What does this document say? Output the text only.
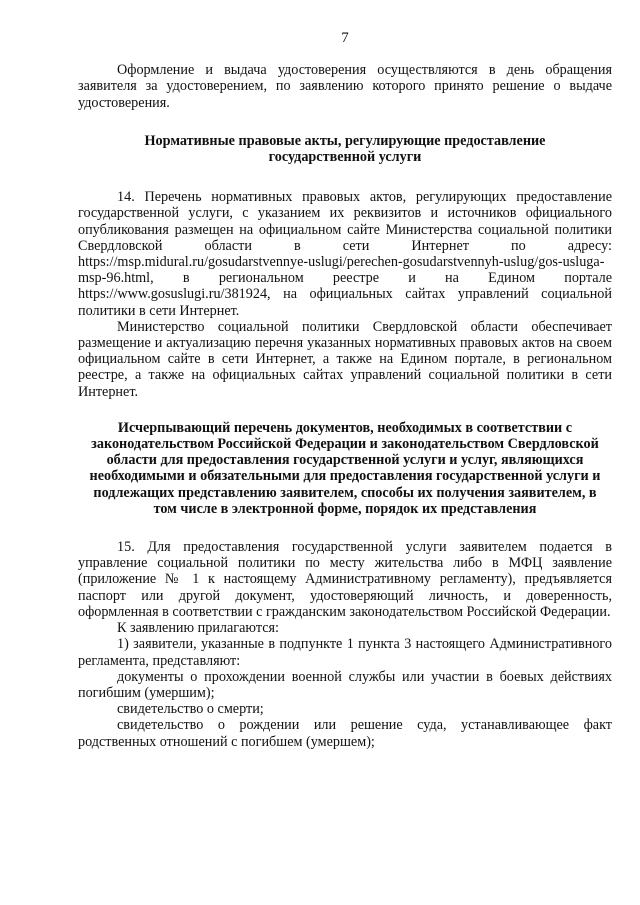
7

Оформление и выдача удостоверения осуществляются в день обращения заявителя за удостоверением, по заявлению которого принято решение о выдаче удостоверения.

Нормативные правовые акты, регулирующие предоставление государственной услуги

14. Перечень нормативных правовых актов, регулирующих предоставление государственной услуги, с указанием их реквизитов и источников официального опубликования размещен на официальном сайте Министерства социальной политики Свердловской области в сети Интернет по адресу: https://msp.midural.ru/gosudarstvennye-uslugi/perechen-gosudarstvennyh-uslug/gos-usluga-msp-96.html, в региональном реестре и на Едином портале https://www.gosuslugi.ru/381924, на официальных сайтах управлений социальной политики в сети Интернет.

Министерство социальной политики Свердловской области обеспечивает размещение и актуализацию перечня указанных нормативных правовых актов на своем официальном сайте в сети Интернет, а также на Едином портале, в региональном реестре, а также на официальных сайтах управлений социальной политики в сети Интернет.

Исчерпывающий перечень документов, необходимых в соответствии с законодательством Российской Федерации и законодательством Свердловской области для предоставления государственной услуги и услуг, являющихся необходимыми и обязательными для предоставления государственной услуги и подлежащих представлению заявителем, способы их получения заявителем, в том числе в электронной форме, порядок их представления

15. Для предоставления государственной услуги заявителем подается в управление социальной политики по месту жительства либо в МФЦ заявление (приложение № 1 к настоящему Административному регламенту), предъявляется паспорт или другой документ, удостоверяющий личность, и доверенность, оформленная в соответствии с гражданским законодательством Российской Федерации.

К заявлению прилагаются:

1) заявители, указанные в подпункте 1 пункта 3 настоящего Административного регламента, представляют:

документы о прохождении военной службы или участии в боевых действиях погибшим (умершим);

свидетельство о смерти;

свидетельство о рождении или решение суда, устанавливающее факт родственных отношений с погибшем (умершем);
